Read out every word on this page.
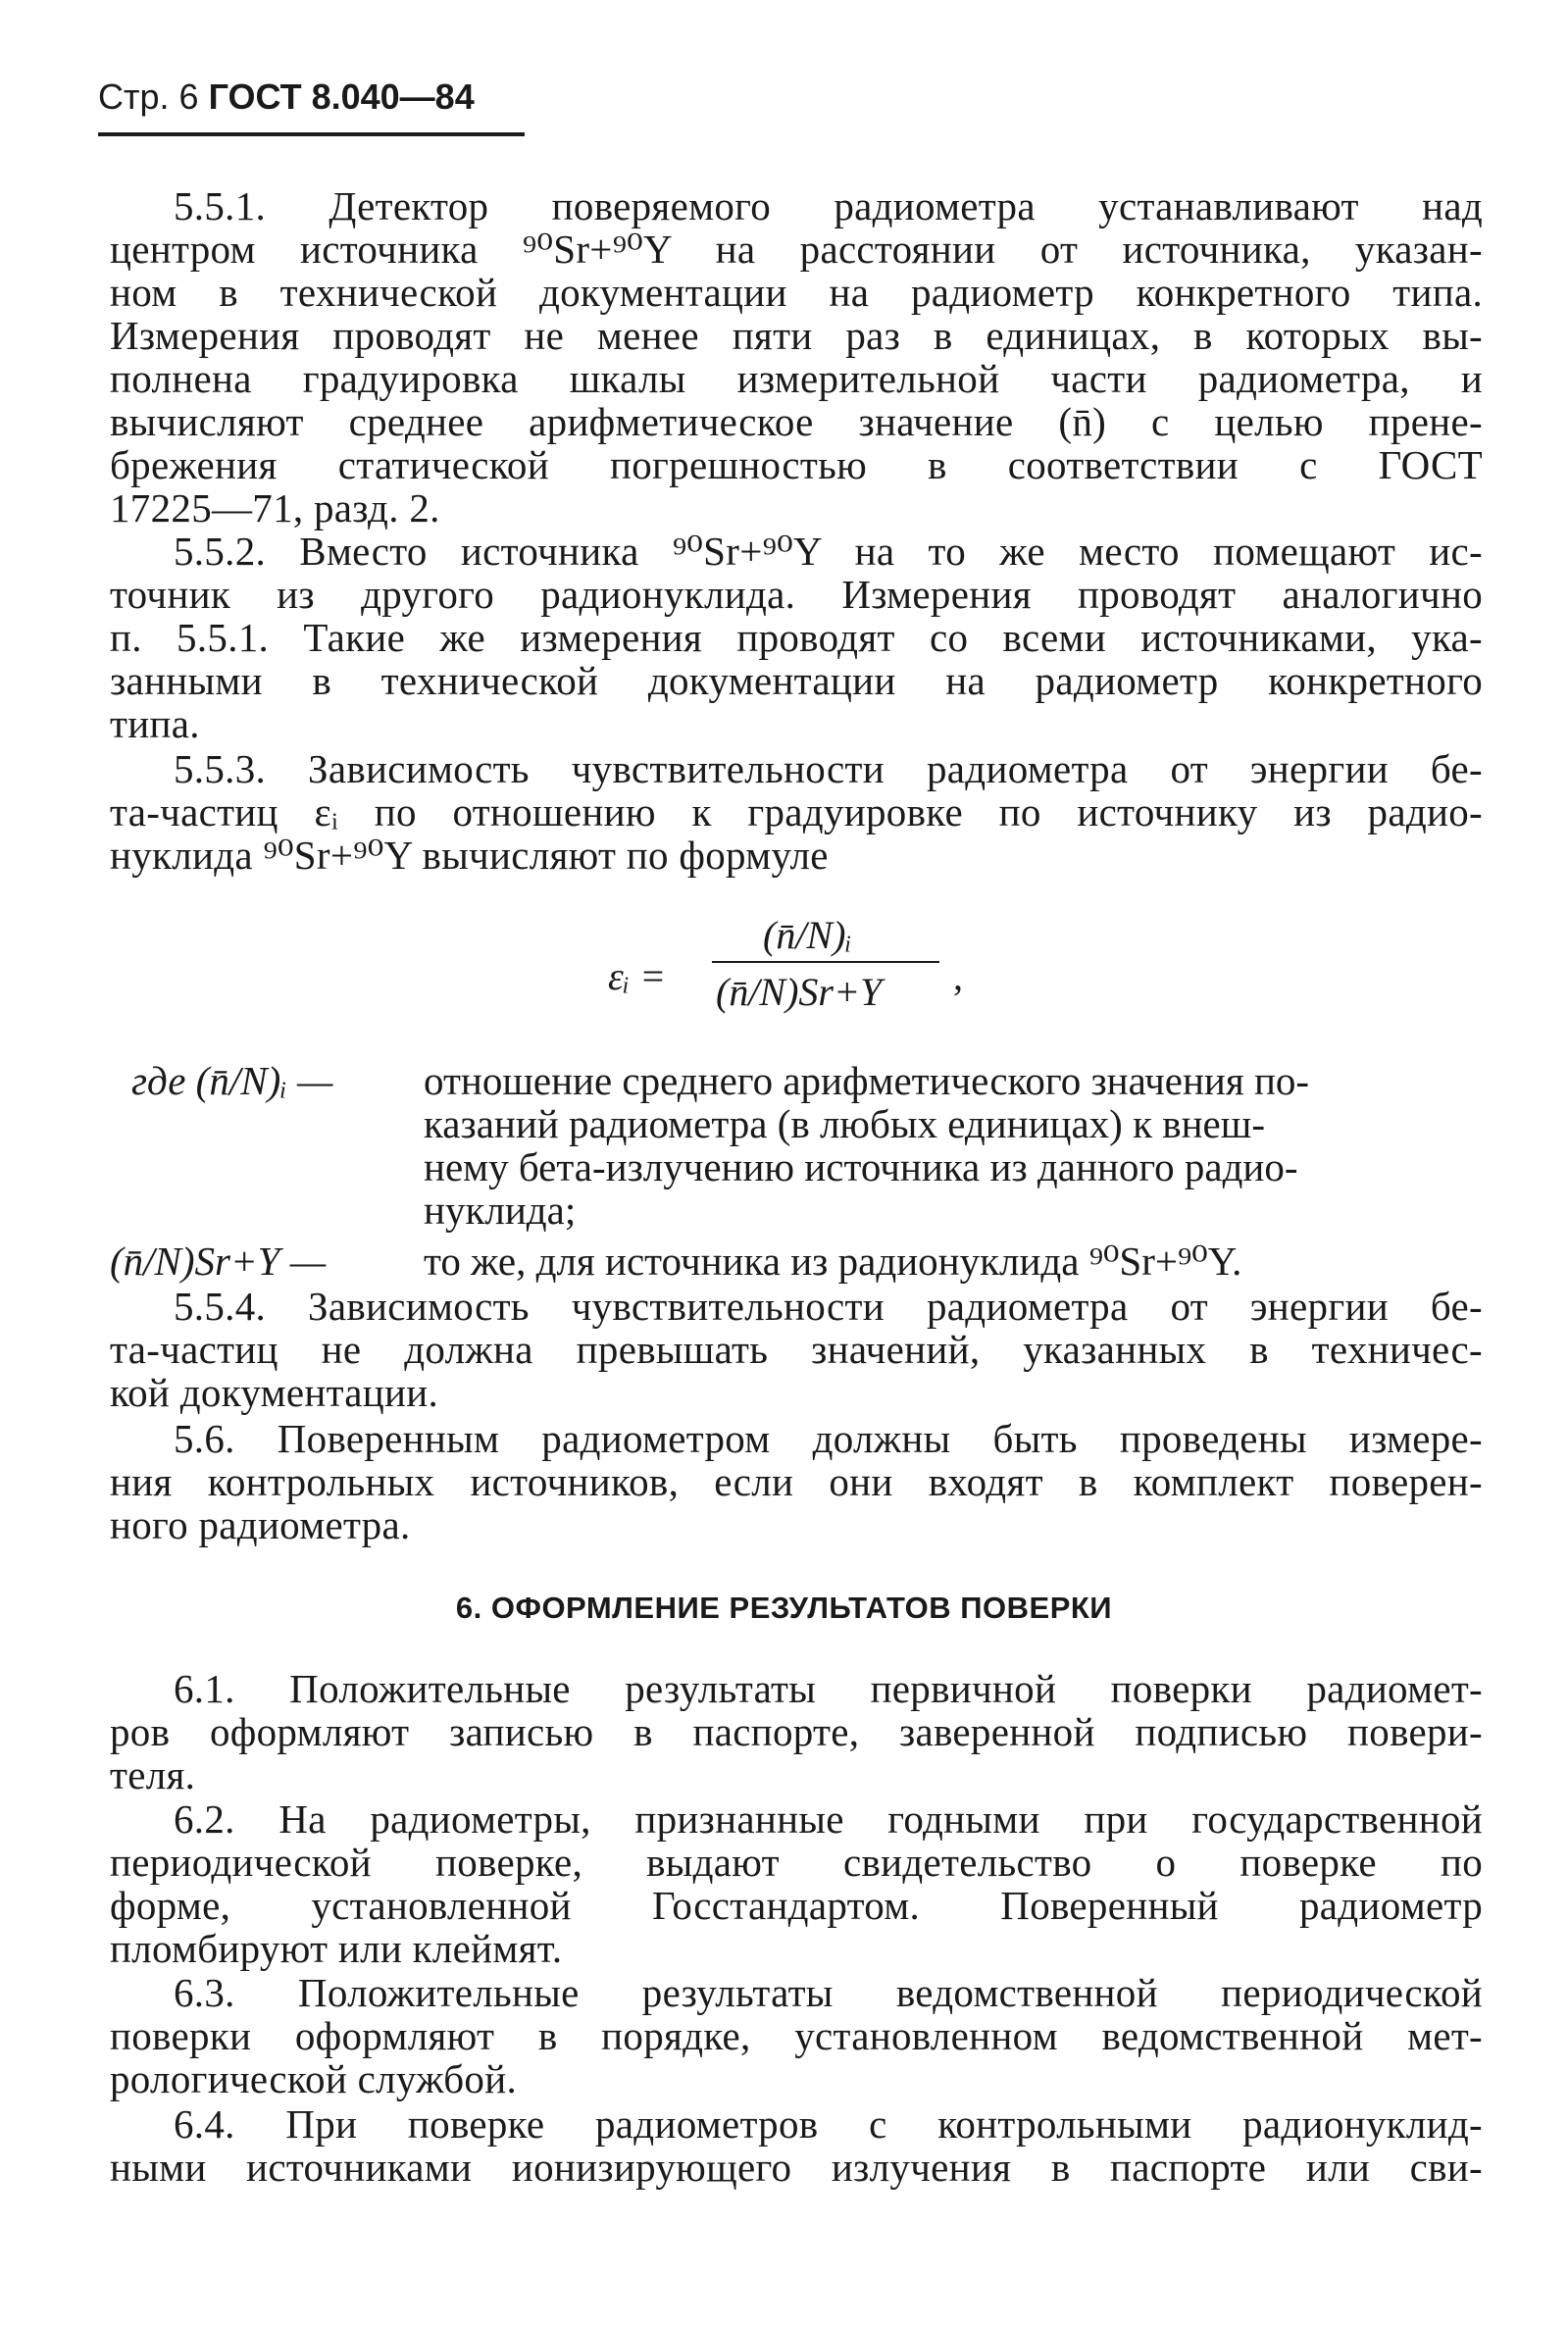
Стр. 6 ГОСТ 8.040—84
5.5.1. Детектор поверяемого радиометра устанавливают над
центром источника ⁹⁰Sr+⁹⁰Y на расстоянии от источника, указан-
ном в технической документации на радиометр конкретного типа.
Измерения проводят не менее пяти раз в единицах, в которых вы-
полнена градуировка шкалы измерительной части радиометра, и
вычисляют среднее арифметическое значение (n̄) с целью прене-
брежения статической погрешностью в соответствии с ГОСТ
17225—71, разд. 2.
5.5.2. Вместо источника ⁹⁰Sr+⁹⁰Y на то же место помещают ис-
точник из другого радионуклида. Измерения проводят аналогично
п. 5.5.1. Такие же измерения проводят со всеми источниками, ука-
занными в технической документации на радиометр конкретного
типа.
5.5.3. Зависимость чувствительности радиометра от энергии бе-
та-частиц εᵢ по отношению к градуировке по источнику из радио-
нуклида ⁹⁰Sr+⁹⁰Y вычисляют по формуле
εᵢ =
(n̄/N)ᵢ
(n̄/N)Sr+Y ,
где (n̄/N)ᵢ — отношение среднего арифметического значения по-
казаний радиометра (в любых единицах) к внеш-
нему бета-излучению источника из данного радио-
нуклида;
(n̄/N)Sr+Y — то же, для источника из радионуклида ⁹⁰Sr+⁹⁰Y.
5.5.4. Зависимость чувствительности радиометра от энергии бе-
та-частиц не должна превышать значений, указанных в техничес-
кой документации.
5.6. Поверенным радиометром должны быть проведены измере-
ния контрольных источников, если они входят в комплект поверен-
ного радиометра.
6. ОФОРМЛЕНИЕ РЕЗУЛЬТАТОВ ПОВЕРКИ
6.1. Положительные результаты первичной поверки радиомет-
ров оформляют записью в паспорте, заверенной подписью повери-
теля.
6.2. На радиометры, признанные годными при государственной
периодической поверке, выдают свидетельство о поверке по
форме, установленной Госстандартом. Поверенный радиометр
пломбируют или клеймят.
6.3. Положительные результаты ведомственной периодической
поверки оформляют в порядке, установленном ведомственной мет-
рологической службой.
6.4. При поверке радиометров с контрольными радионуклид-
ными источниками ионизирующего излучения в паспорте или сви-
